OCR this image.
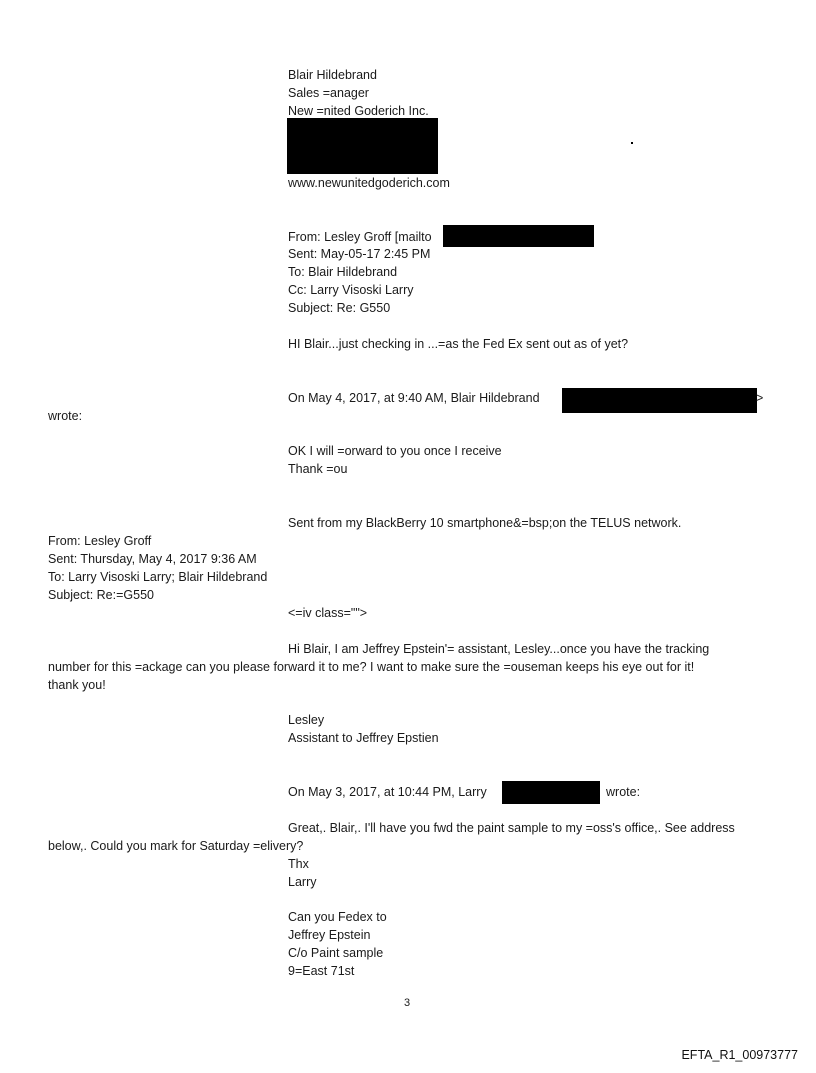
Blair Hildebrand
Sales =anager
New =nited Goderich Inc.
www.newunitedgoderich.com
From: Lesley Groff [mailto
Sent: May-05-17 2:45 PM
To: Blair Hildebrand
Cc: Larry Visoski Larry
Subject: Re: G550
HI Blair...just checking in ...=as the Fed Ex sent out as of yet?
On May 4, 2017, at 9:40 AM, Blair Hildebrand	>
wrote:
OK I will =orward to you once I receive
Thank =ou
Sent from my BlackBerry 10 smartphone&=bsp;on the TELUS network.
From: Lesley Groff
Sent: Thursday, May 4, 2017 9:36 AM
To: Larry Visoski Larry; Blair Hildebrand
Subject: Re:=G550
<=iv class="">
Hi Blair, I am Jeffrey Epstein'= assistant, Lesley...once you have the tracking
number for this =ackage can you please forward it to me? I want to make sure the =ouseman keeps his eye out for it!
thank you!
Lesley
Assistant to Jeffrey Epstien
On May 3, 2017, at 10:44 PM, Larry	wrote:
Great,. Blair,. I'll have you fwd the paint sample to my =oss's office,. See address
below,. Could you mark for Saturday =elivery?
Thx
Larry
Can you Fedex to
Jeffrey Epstein
C/o Paint sample
9=East 71st
3
EFTA_R1_00973777
